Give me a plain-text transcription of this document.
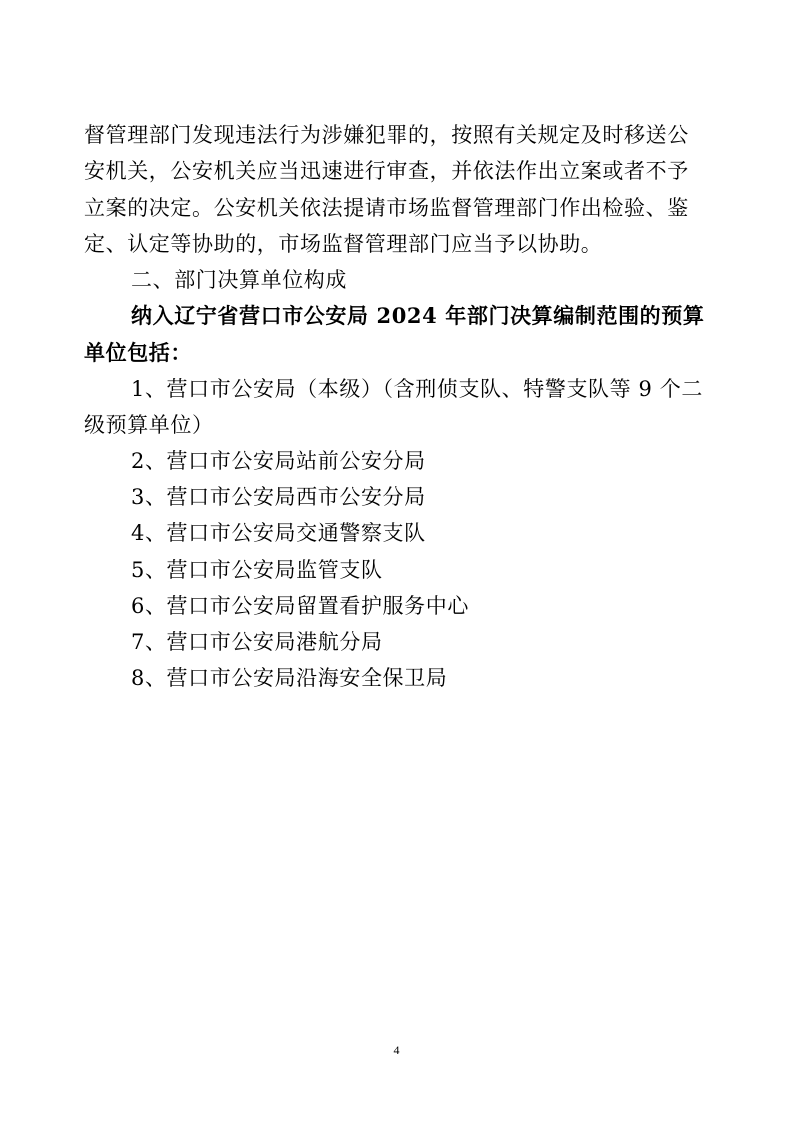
督管理部门发现违法行为涉嫌犯罪的，按照有关规定及时移送公
安机关，公安机关应当迅速进行审查，并依法作出立案或者不予
立案的决定。公安机关依法提请市场监督管理部门作出检验、鉴
定、认定等协助的，市场监督管理部门应当予以协助。
二、部门决算单位构成
纳入辽宁省营口市公安局 2024 年部门决算编制范围的预算
单位包括：
1、营口市公安局（本级）（含刑侦支队、特警支队等 9 个二
级预算单位）
2、营口市公安局站前公安分局
3、营口市公安局西市公安分局
4、营口市公安局交通警察支队
5、营口市公安局监管支队
6、营口市公安局留置看护服务中心
7、营口市公安局港航分局
8、营口市公安局沿海安全保卫局
4
